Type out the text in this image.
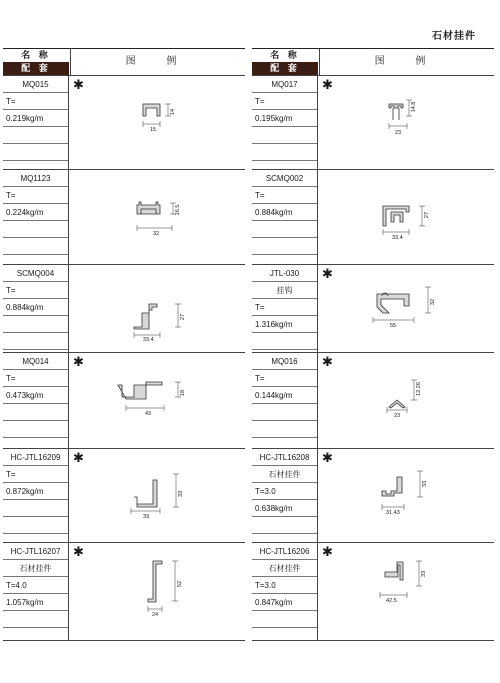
石材挂件
名 称
配 套
图 例
MQ015
T=
0.219kg/m
✱
14
15
MQ1123
T=
0.224kg/m	16.5
32
SCMQ004
T=
0.884kg/m
27
33.4
MQ014
T=
0.473kg/m
✱
18
43
HC-JTL16209
T=
0.872kg/m
✱
33
33
HC-JTL16207
石材挂件
T=4.0
1.057kg/m
✱
52
24
名 称
配 套
图 例
MQ017
T=
0.195kg/m
✱
14.8
23
SCMQ002
T=
0.884kg/m	27
33.4
JTL-030
挂钩
T=
1.316kg/m
✱
32
55
MQ016
T=
0.144kg/m
✱
12.26
23
HC-JTL16208
石材挂件
T=3.0
0.638kg/m
✱
33
31.43
HC-JTL16206
石材挂件
T=3.0
0.847kg/m
✱
33
42.5
